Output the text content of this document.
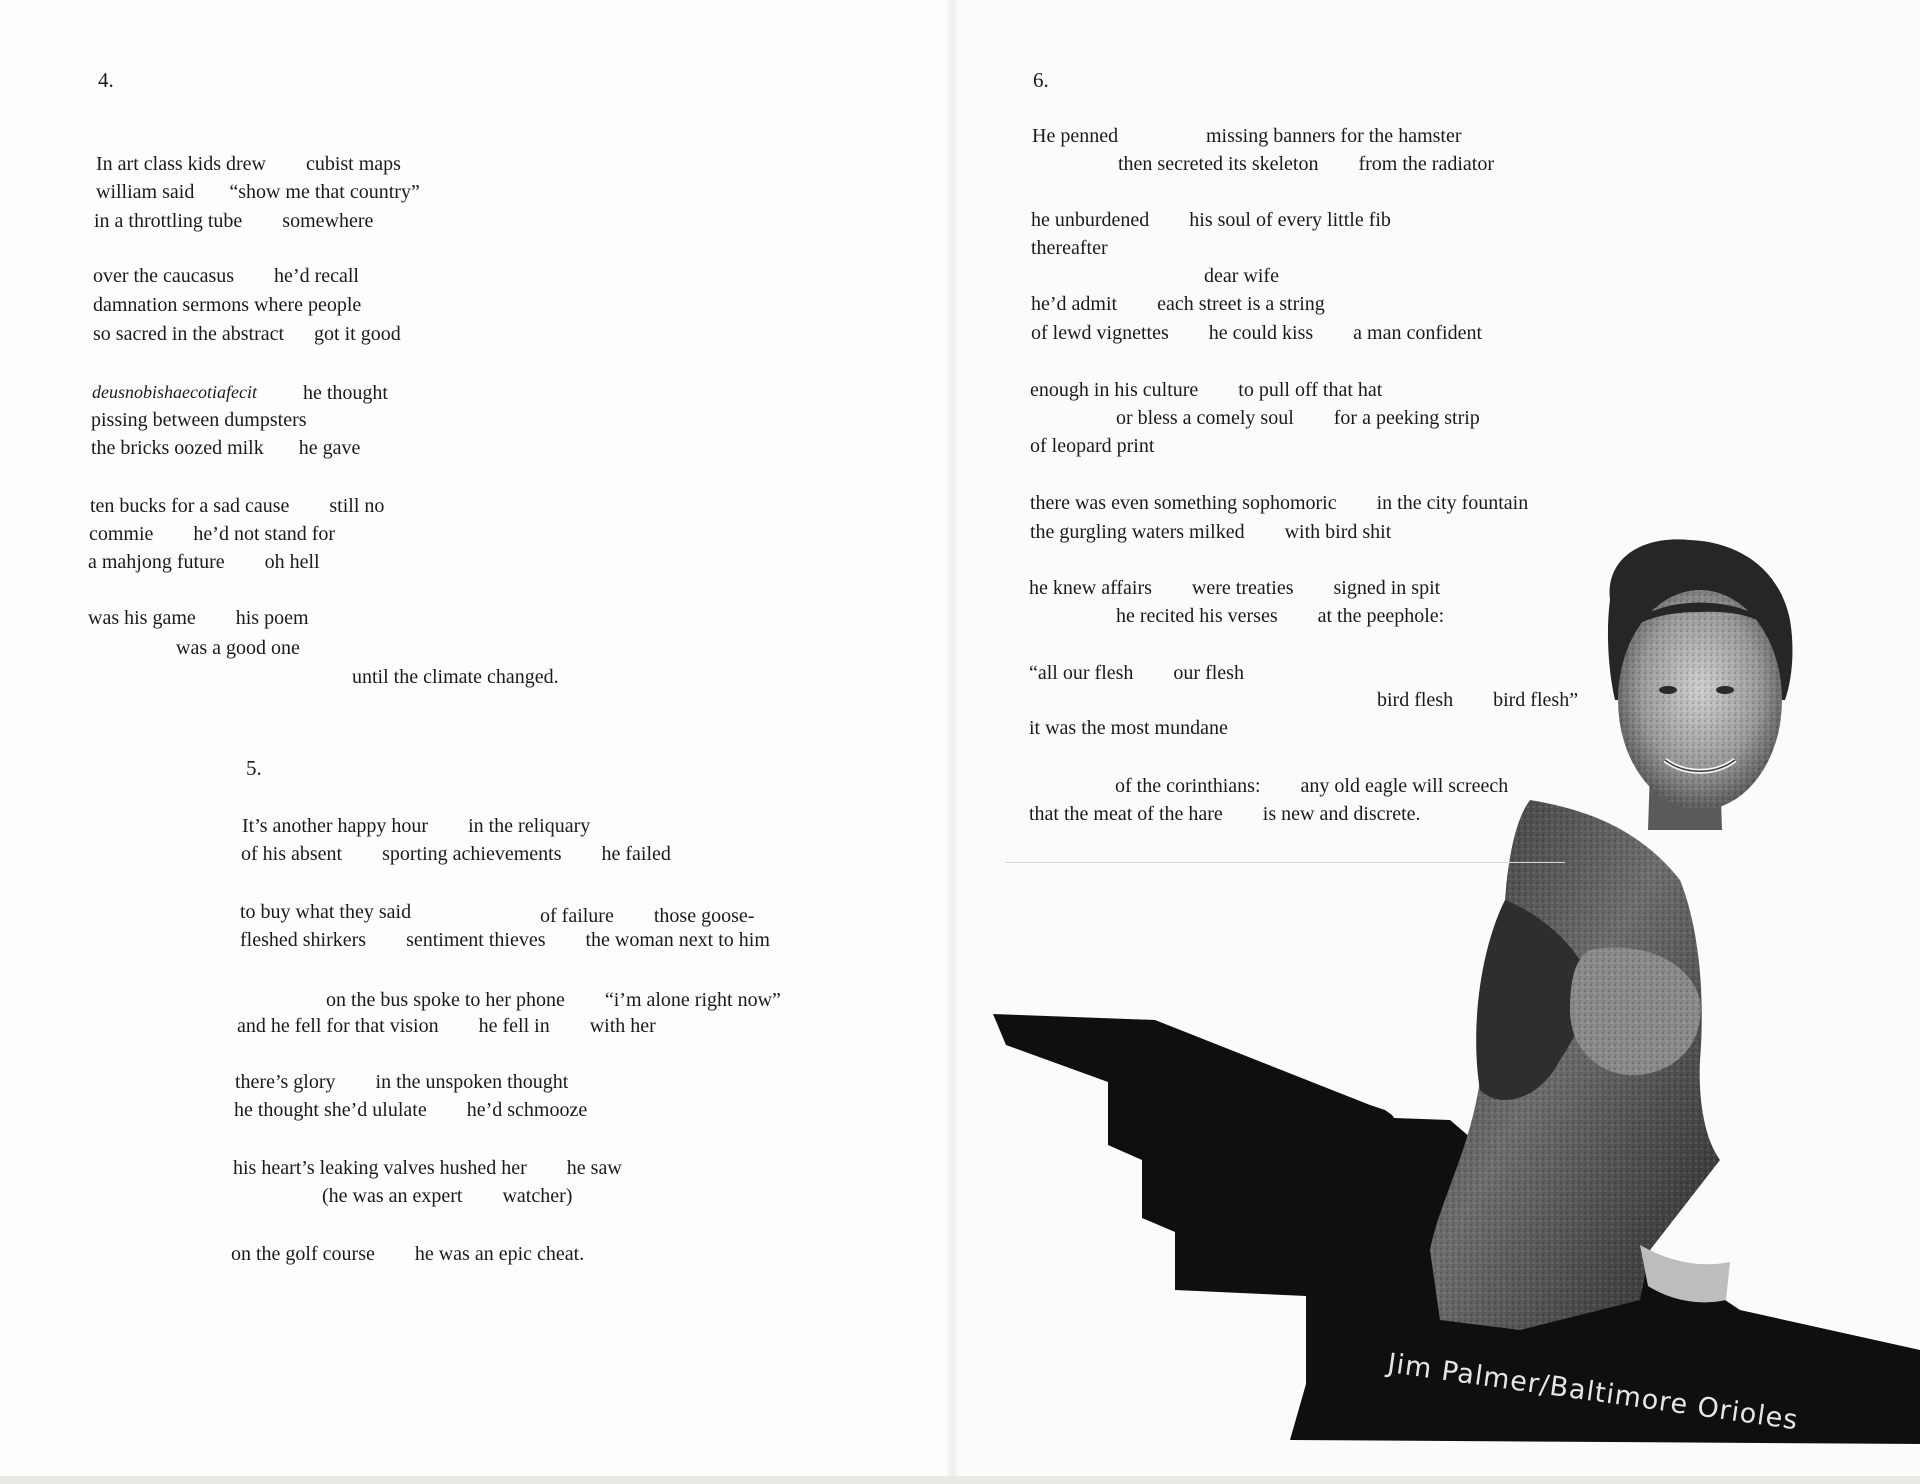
Jim Palmer/Baltimore Orioles
4.
In art class kids drew        cubist maps
william said       “show me that country”
in a throttling tube        somewhere
over the caucasus        he’d recall
damnation sermons where people
so sacred in the abstract      got it good
deusnobishaecotiafecit he thought
pissing between dumpsters
the bricks oozed milk       he gave
ten bucks for a sad cause        still no
commie        he’d not stand for
a mahjong future        oh hell
was his game        his poem
was a good one
until the climate changed.
5.
It’s another happy hour        in the reliquary
of his absent        sporting achievements        he failed
to buy what they said	of failure        those goose-
fleshed shirkers        sentiment thieves        the woman next to him
on the bus spoke to her phone        “i’m alone right now”
and he fell for that vision        he fell in        with her
there’s glory        in the unspoken thought
he thought she’d ululate        he’d schmooze
his heart’s leaking valves hushed her        he saw
(he was an expert        watcher)
on the golf course        he was an epic cheat.
6.
He penned	missing banners for the hamster
then secreted its skeleton        from the radiator
he unburdened        his soul of every little fib
thereafter
dear wife
he’d admit        each street is a string
of lewd vignettes        he could kiss        a man confident
enough in his culture        to pull off that hat
or bless a comely soul        for a peeking strip
of leopard print
there was even something sophomoric        in the city fountain
the gurgling waters milked        with bird shit
he knew affairs        were treaties        signed in spit
he recited his verses        at the peephole:
“all our flesh        our flesh
bird flesh        bird flesh”
it was the most mundane
of the corinthians:        any old eagle will screech
that the meat of the hare        is new and discrete.
